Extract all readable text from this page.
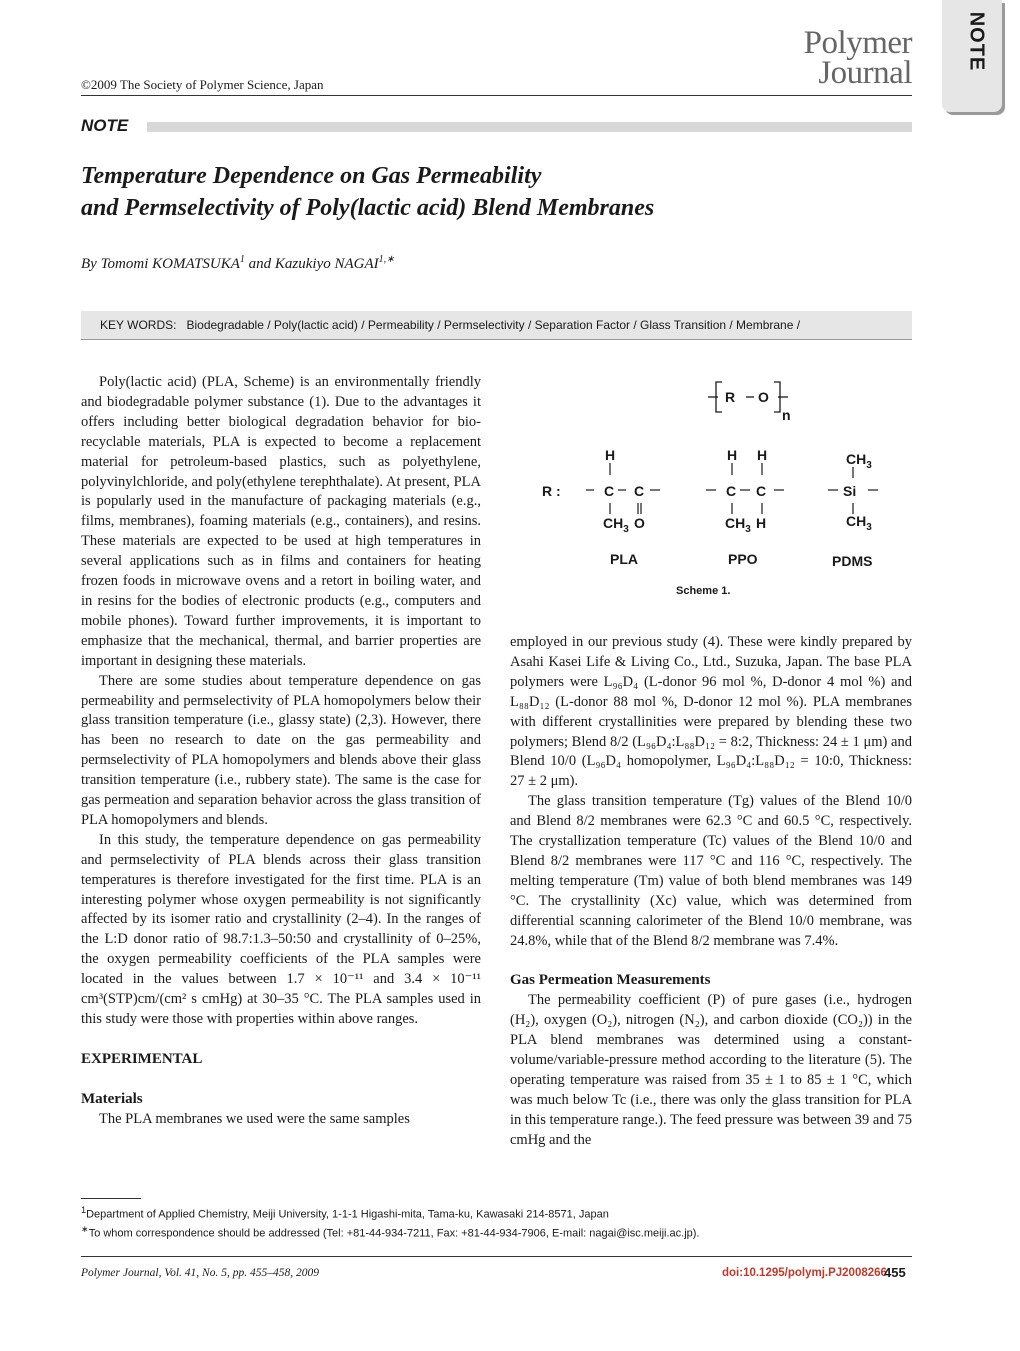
©2009 The Society of Polymer Science, Japan
Polymer
Journal
NOTE
NOTE
Temperature Dependence on Gas Permeability
and Permselectivity of Poly(lactic acid) Blend Membranes
By Tomomi KOMATSUKA$^1$ and Kazukiyo $NAGAI^{1,∗}$
KEY WORDS: Biodegradable / Poly(lactic acid) / Permeability / Permselectivity / Separation Factor / Glass Transition / Membrane /

Poly(lactic acid) (PLA, Scheme) is an environmentally friendly and biodegradable polymer substance (1). Due to the advantages it offers including better biological degradation behavior for bio-recyclable materials, PLA is expected to become a replacement material for petroleum-based plastics, such as polyethylene, polyvinylchloride, and poly(ethylene terephthalate). At present, PLA is popularly used in the manufacture of packaging materials (e.g., films, membranes), foaming materials (e.g., containers), and resins. These materials are expected to be used at high temperatures in several applications such as in films and containers for heating frozen foods in microwave ovens and a retort in boiling water, and in resins for the bodies of electronic products (e.g., computers and mobile phones). Toward further improvements, it is important to emphasize that the mechanical, thermal, and barrier properties are important in designing these materials.

There are some studies about temperature dependence on gas permeability and permselectivity of PLA homopolymers below their glass transition temperature (i.e., glassy state) (2,3). However, there has been no research to date on the gas permeability and permselectivity of PLA homopolymers and blends above their glass transition temperature (i.e., rubbery state). The same is the case for gas permeation and separation behavior across the glass transition of PLA homopolymers and blends.

In this study, the temperature dependence on gas permeability and permselectivity of PLA blends across their glass transition temperatures is therefore investigated for the first time. PLA is an interesting polymer whose oxygen permeability is not significantly affected by its isomer ratio and crystallinity (2–4). In the ranges of the L:D donor ratio of 98.7:1.3–50:50 and crystallinity of 0–25%, the oxygen permeability coefficients of the PLA samples were located in the values between 1.7 × 10⁻¹¹ and 3.4 × 10⁻¹¹ cm³(STP)cm/(cm² s cmHg) at 30–35 °C. The PLA samples used in this study were those with properties within above ranges.

EXPERIMENTAL

Materials

The PLA membranes we used were the same samples

R O
n
R :
H
C C
$CH_3$ O
PLA
H H
C C
$CH_3$ H
PPO
$CH_3$
Si
$CH_3$
PDMS
Scheme 1.

employed in our previous study (4). These were kindly prepared by Asahi Kasei Life & Living Co., Ltd., Suzuka, Japan. The base PLA polymers were L₉₆D₄ (L-donor 96 mol %, D-donor 4 mol %) and L₈₈D₁₂ (L-donor 88 mol %, D-donor 12 mol %). PLA membranes with different crystallinities were prepared by blending these two polymers; Blend 8/2 (L₉₆D₄:L₈₈D₁₂ = 8:2, Thickness: 24 ± 1 μm) and Blend 10/0 (L₉₆D₄ homopolymer, L₉₆D₄:L₈₈D₁₂ = 10:0, Thickness: 27 ± 2 μm).

The glass transition temperature (Tg) values of the Blend 10/0 and Blend 8/2 membranes were 62.3 °C and 60.5 °C, respectively. The crystallization temperature (Tc) values of the Blend 10/0 and Blend 8/2 membranes were 117 °C and 116 °C, respectively. The melting temperature (Tm) value of both blend membranes was 149 °C. The crystallinity (Xc) value, which was determined from differential scanning calorimeter of the Blend 10/0 membrane, was 24.8%, while that of the Blend 8/2 membrane was 7.4%.

Gas Permeation Measurements

The permeability coefficient (P) of pure gases (i.e., hydrogen (H₂), oxygen (O₂), nitrogen (N₂), and carbon dioxide (CO₂)) in the PLA blend membranes was determined using a constant-volume/variable-pressure method according to the literature (5). The operating temperature was raised from 35 ± 1 to 85 ± 1 °C, which was much below Tc (i.e., there was only the glass transition for PLA in this temperature range.). The feed pressure was between 39 and 75 cmHg and the

$^1$Department of Applied Chemistry, Meiji University, 1-1-1 Higashi-mita, Tama-ku, Kawasaki 214-8571, Japan
∗To whom correspondence should be addressed (Tel: +81-44-934-7211, Fax: +81-44-934-7906, E-mail: nagai@isc.meiji.ac.jp).
Polymer Journal, Vol. 41, No. 5, pp. 455–458, 2009	doi:10.1295/polymj.PJ2008266
455
